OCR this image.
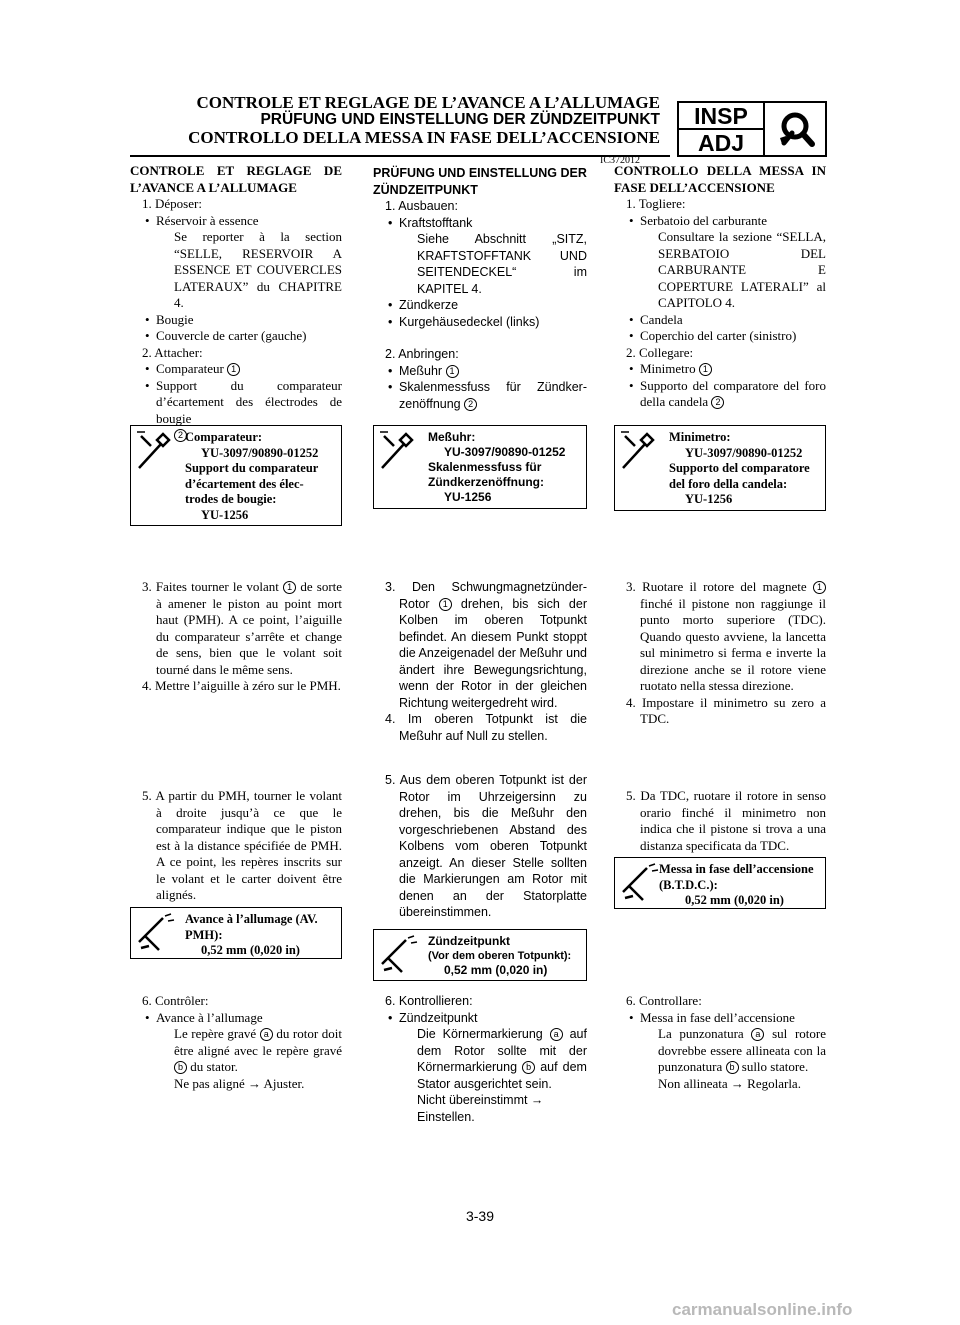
CONTROLE ET REGLAGE DE L’AVANCE A L’ALLUMAGE
PRÜFUNG UND EINSTELLUNG DER ZÜNDZEITPUNKT
CONTROLLO DELLA MESSA IN FASE DELL’ACCENSIONE
INSP
ADJ
IC372012

CONTROLE ET REGLAGE DE L’AVANCE A L’ALLUMAGE

1. Déposer:

• Réservoir à essence

Se reporter à la section “SELLE, RESERVOIR A ESSENCE ET COUVERCLES LATERAUX” du CHAPITRE 4.

• Bougie

• Couvercle de carter (gauche)

2. Attacher:

• Comparateur 1

• Support du comparateur d’écartement des électrodes de bougie

2 Comparateur:
YU-3097/90890-01252
Support du comparateur d’écartement des élec-trodes de bougie:
YU-1256

3. Faites tourner le volant 1 de sorte à amener le piston au point mort haut (PMH). A ce point, l’aiguille du comparateur s’arrête et change de sens, bien que le volant soit tourné dans le même sens.

4. Mettre l’aiguille à zéro sur le PMH.

5. A partir du PMH, tourner le volant à droite jusqu’à ce que le comparateur indique que le piston est à la distance spécifiée de PMH. A ce point, les repères inscrits sur le volant et le carter doivent être alignés.

Avance à l’allumage (AV. PMH):
0,52 mm (0,020 in)

6. Contrôler:

• Avance à l’allumage

Le repère gravé a du rotor doit être aligné avec le repère gravé b du stator.

Ne pas aligné → Ajuster.

PRÜFUNG UND EINSTELLUNG DER ZÜNDZEITPUNKT

1. Ausbauen:

• Kraftstofftank

Siehe Abschnitt „SITZ, KRAFTSTOFFTANK UND SEITENDECKEL“ im KAPITEL 4.

• Zündkerze

• Kurgehäusedeckel (links)

2. Anbringen:

• Meßuhr 1

• Skalenmessfuss für Zündker-zenöffnung 2

Meßuhr:
YU-3097/90890-01252
Skalenmessfuss für Zündkerzenöffnung:
YU-1256

3. Den Schwungmagnetzünder-Rotor 1 drehen, bis sich der Kolben im oberen Totpunkt befindet. An diesem Punkt stoppt die Anzeigenadel der Meßuhr und ändert ihre Bewegungsrichtung, wenn der Rotor in der gleichen Richtung weitergedreht wird.

4. Im oberen Totpunkt ist die Meßuhr auf Null zu stellen.

5. Aus dem oberen Totpunkt ist der Rotor im Uhrzeigersinn zu drehen, bis die Meßuhr den vorgeschriebenen Abstand des Kolbens vom oberen Totpunkt anzeigt. An dieser Stelle sollten die Markierungen am Rotor mit denen an der Statorplatte übereinstimmen.

Zündzeitpunkt
(Vor dem oberen Totpunkt):
0,52 mm (0,020 in)

6. Kontrollieren:

• Zündzeitpunkt

Die Körnermarkierung a auf dem Rotor sollte mit der Körnermarkierung b auf dem Stator ausgerichtet sein.

Nicht übereinstimmt → Einstellen.

CONTROLLO DELLA MESSA IN FASE DELL’ACCENSIONE

1. Togliere:

• Serbatoio del carburante

Consultare la sezione “SELLA, SERBATOIO DEL CARBURANTE E COPERTURE LATERALI” al CAPITOLO 4.

• Candela

• Coperchio del carter (sinistro)

2. Collegare:

• Minimetro 1

• Supporto del comparatore del foro della candela 2

Minimetro:
YU-3097/90890-01252
Supporto del comparatore del foro della candela:
YU-1256

3. Ruotare il rotore del magnete 1 finché il pistone non raggiunge il punto morto superiore (TDC). Quando questo avviene, la lancetta sul minimetro si ferma e inverte la direzione anche se il rotore viene ruotato nella stessa direzione.

4. Impostare il minimetro su zero a TDC.

5. Da TDC, ruotare il rotore in senso orario finché il minimetro non indica che il pistone si trova a una distanza specificata da TDC.

Messa in fase dell’accensione (B.T.D.C.):
0,52 mm (0,020 in)

6. Controllare:

• Messa in fase dell’accensione

La punzonatura a sul rotore dovrebbe essere allineata con la punzonatura b sullo statore.

Non allineata → Regolarla.

3-39
carmanualsonline.info
